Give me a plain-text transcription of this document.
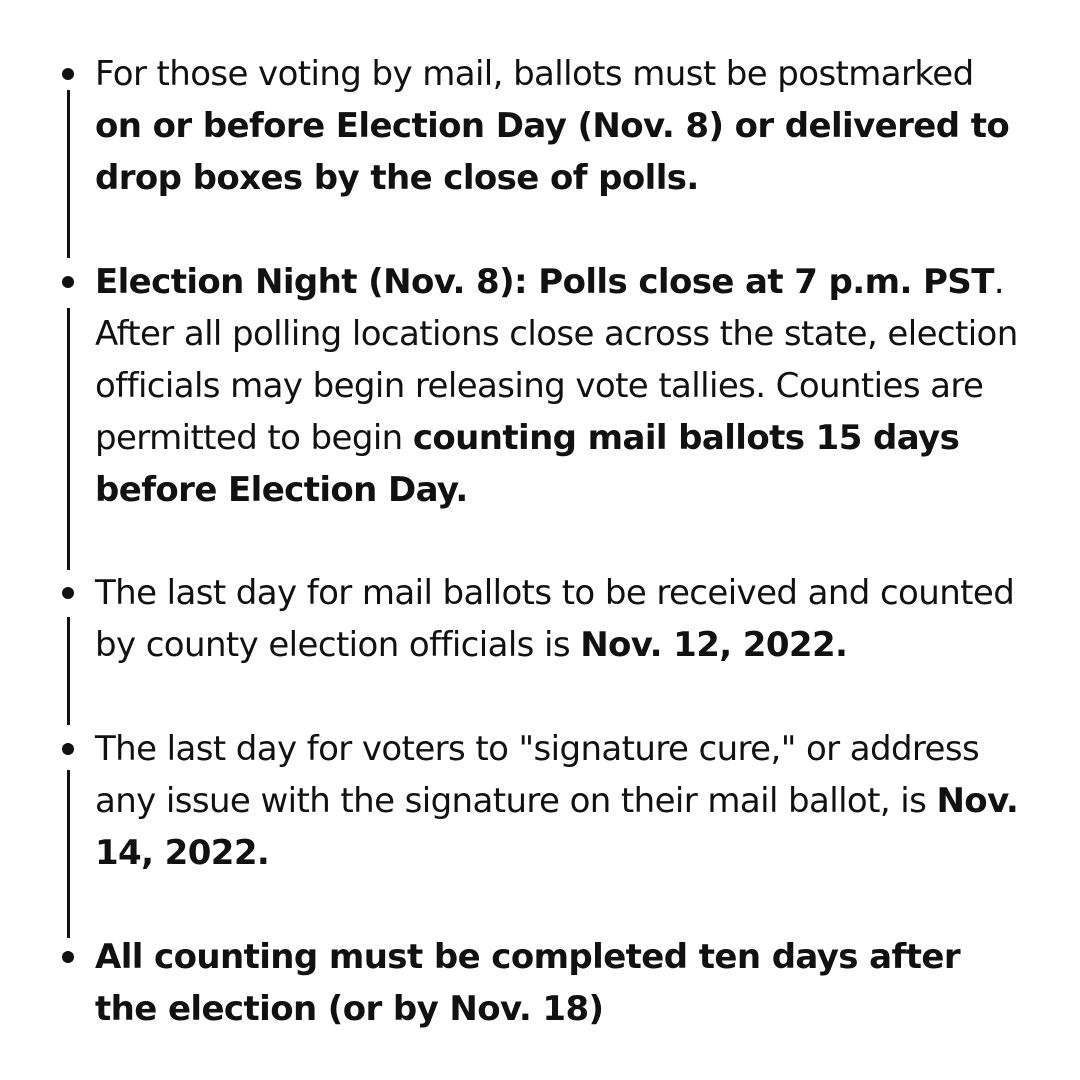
For those voting by mail, ballots must be postmarked on or before Election Day (Nov. 8) or delivered to drop boxes by the close of polls.

Election Night (Nov. 8): Polls close at 7 p.m. PST. After all polling locations close across the state, election officials may begin releasing vote tallies. Counties are permitted to begin counting mail ballots 15 days before Election Day.

The last day for mail ballots to be received and counted by county election officials is Nov. 12, 2022.

The last day for voters to "signature cure," or address any issue with the signature on their mail ballot, is Nov. 14, 2022.

All counting must be completed ten days after the election (or by Nov. 18)
